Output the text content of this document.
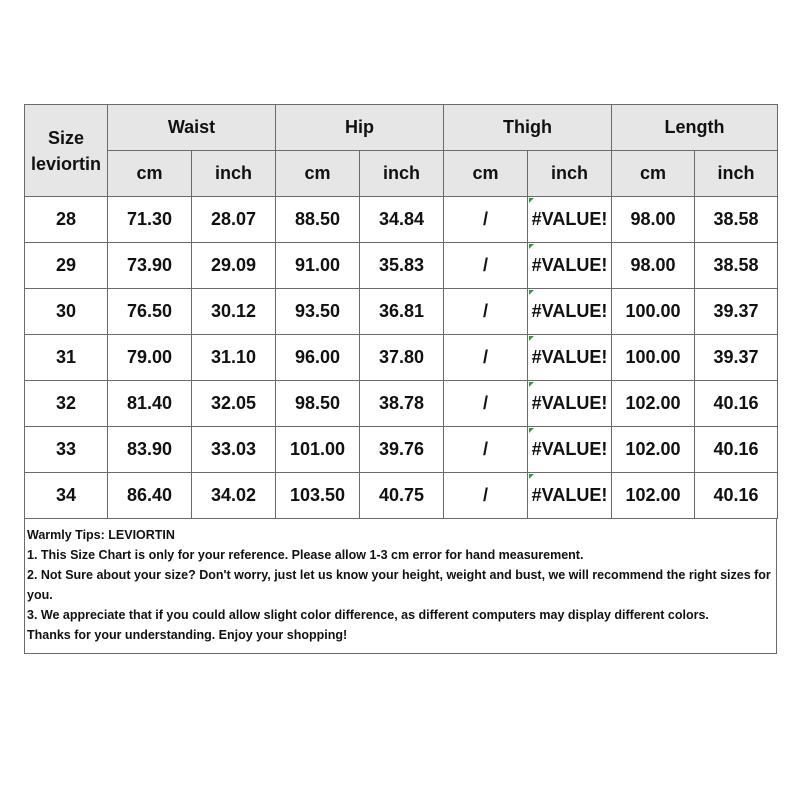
Size
leviortin	Waist		Hip		Thigh		Length	
	cm	inch	cm	inch	cm	inch	cm	inch
28	71.30	28.07	88.50	34.84	/	#VALUE!	98.00	38.58
29	73.90	29.09	91.00	35.83	/	#VALUE!	98.00	38.58
30	76.50	30.12	93.50	36.81	/	#VALUE!	100.00	39.37
31	79.00	31.10	96.00	37.80	/	#VALUE!	100.00	39.37
32	81.40	32.05	98.50	38.78	/	#VALUE!	102.00	40.16
33	83.90	33.03	101.00	39.76	/	#VALUE!	102.00	40.16
34	86.40	34.02	103.50	40.75	/	#VALUE!	102.00	40.16

Warmly Tips: LEVIORTIN

1. This Size Chart is only for your reference. Please allow 1-3 cm error for hand measurement.

2. Not Sure about your size? Don't worry, just let us know your height, weight and bust, we will recommend the right sizes for you.

3. We appreciate that if you could allow slight color difference, as different computers may display different colors.

Thanks for your understanding. Enjoy your shopping!
